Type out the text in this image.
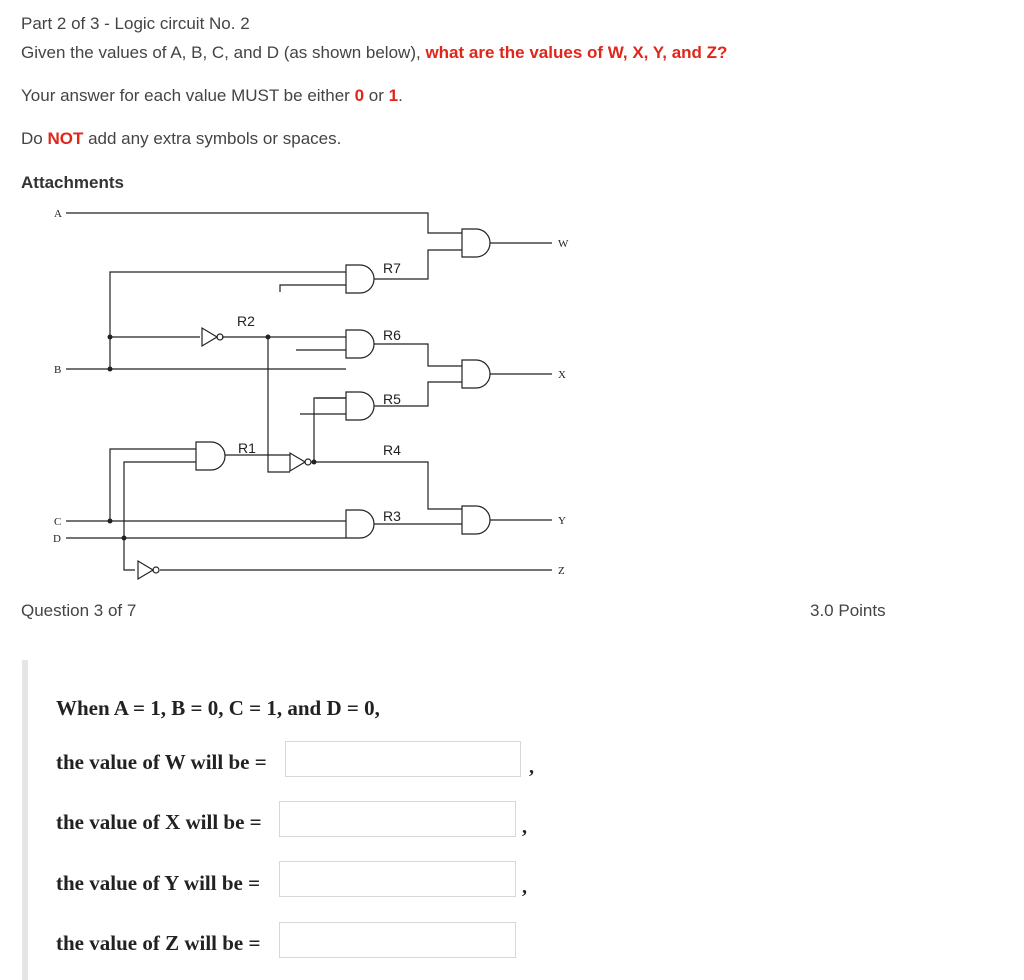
Part 2 of 3 - Logic circuit No. 2
Given the values of A, B, C, and D (as shown below), what are the values of W, X, Y, and Z?
Your answer for each value MUST be either 0 or 1.
Do NOT add any extra symbols or spaces.
Attachments
A
B
C
D
W
X
Y
Z
R7
R2
R6
R5
R1	R4
R3
Question 3 of 7	3.0 Points
When A = 1, B = 0, C = 1, and D = 0,
the value of W will be =	,
the value of X will be =	,
the value of Y will be =	,
the value of Z will be =
